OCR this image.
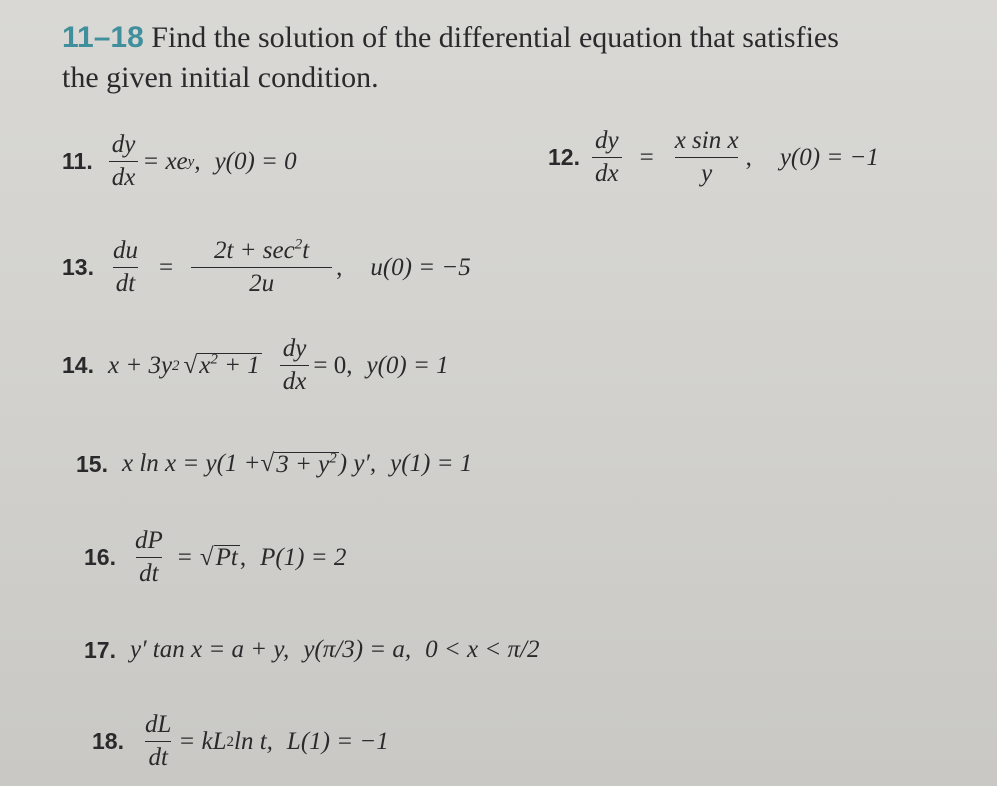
11–18 Find the solution of the differential equation that satisfies
the given initial condition.
11. $\frac{dy}{dx}$ = xe y , y(0) = 0	12. $\frac{dy}{dx} = \frac{\text{x sin x}}{y}$ , y(0) = −1
13. $\frac{du}{dt} = \frac{2t + \sec^2t}{2u}$ , u(0) = −5
14. x + 3y 2 √ $x^2 + 1 \frac{dy}{dx} = 0$, y(0) = 1
15. x ln x = y(1 + √ $3 + y^2$ ) y′, y(1) = 1
16. $\frac{dP}{dt}$ = √ Pt , P(1) = 2
17. y′ tan x = a + y, y(π/3) = a, 0 < x < π/2
18. $\frac{dL}{dt}$ = kL 2 ln t, L(1) = −1
